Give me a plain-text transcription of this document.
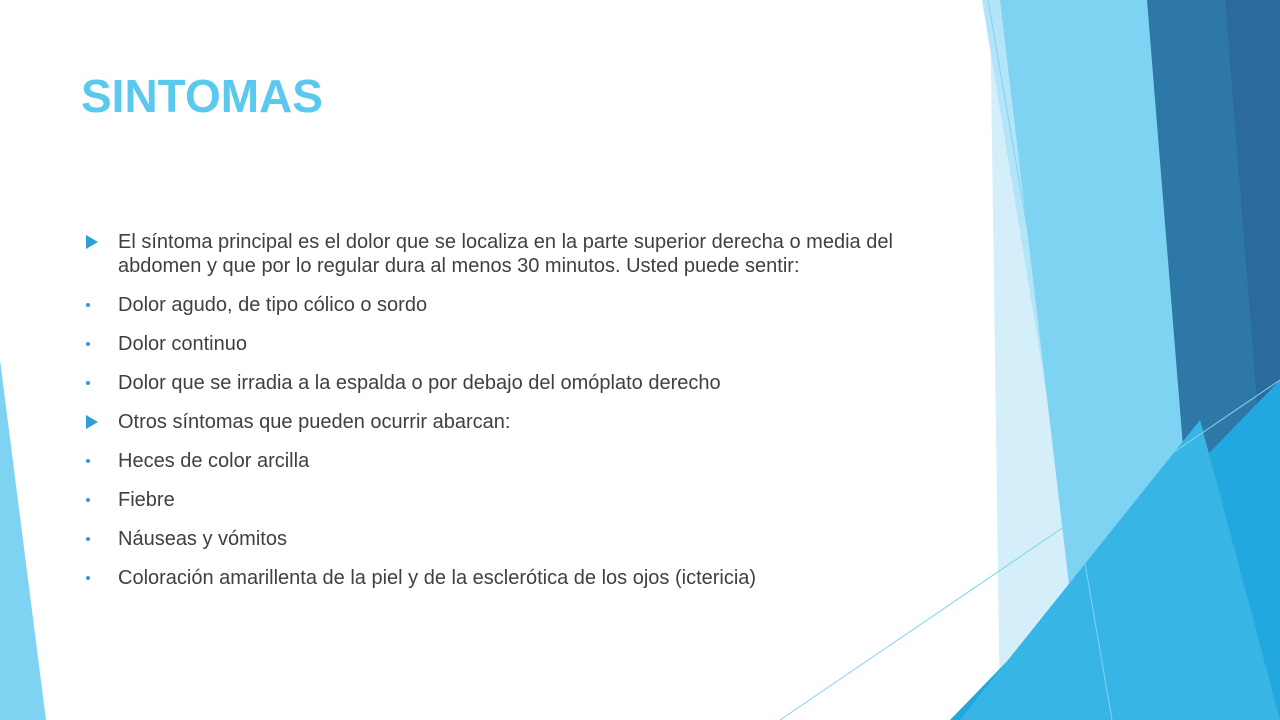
SINTOMAS
El síntoma principal es el dolor que se localiza en la parte superior derecha o media del abdomen y que por lo regular dura al menos 30 minutos. Usted puede sentir:
Dolor agudo, de tipo cólico o sordo
Dolor continuo
Dolor que se irradia a la espalda o por debajo del omóplato derecho
Otros síntomas que pueden ocurrir abarcan:
Heces de color arcilla
Fiebre
Náuseas y vómitos
Coloración amarillenta de la piel y de la esclerótica de los ojos (ictericia)
